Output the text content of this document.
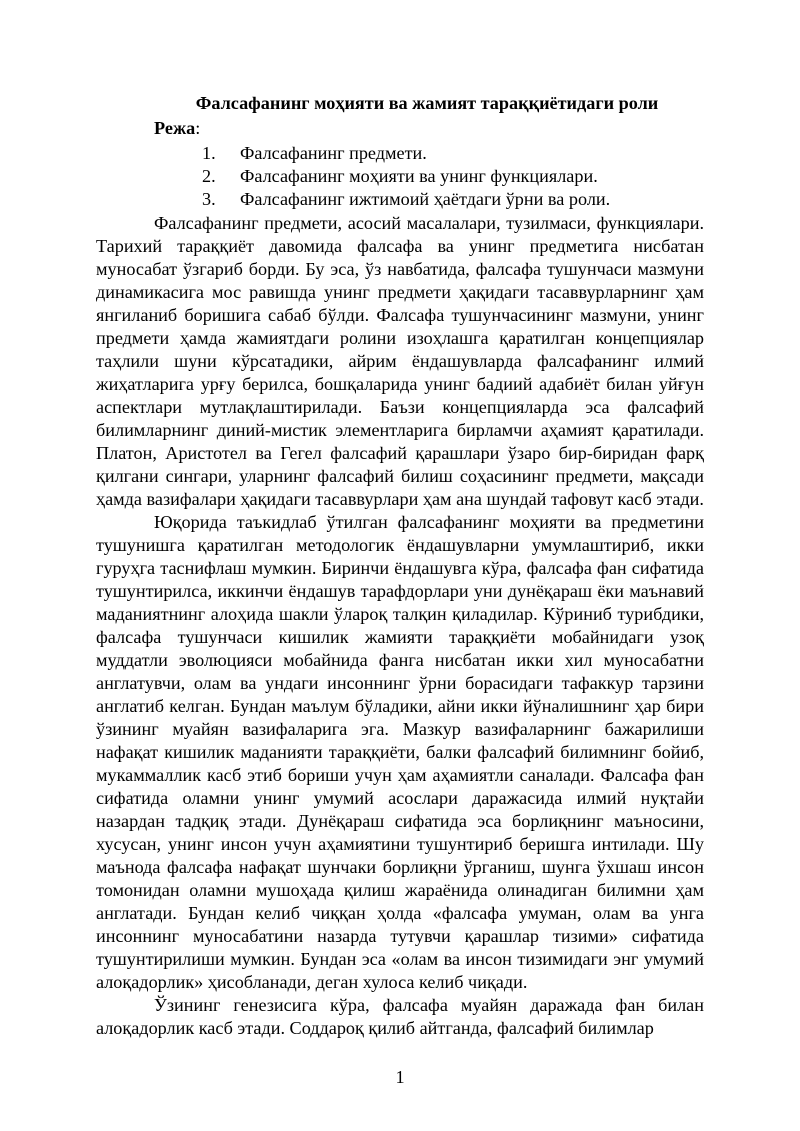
Фалсафанинг моҳияти ва жамият тараққиётидаги роли
Режа:
1. Фалсафанинг предмети.
2. Фалсафанинг моҳияти ва унинг функциялари.
3. Фалсафанинг ижтимоий ҳаётдаги ўрни ва роли.

Фалсафанинг предмети, асосий масалалари, тузилмаси, функциялари. Тарихий тараққиёт давомида фалсафа ва унинг предметига нисбатан муносабат ўзгариб борди. Бу эса, ўз навбатида, фалсафа тушунчаси мазмуни динамикасига мос равишда унинг предмети ҳақидаги тасаввурларнинг ҳам янгиланиб боришига сабаб бўлди. Фалсафа тушунчасининг мазмуни, унинг предмети ҳамда жамиятдаги ролини изоҳлашга қаратилган концепциялар таҳлили шуни кўрсатадики, айрим ёндашувларда фалсафанинг илмий жиҳатларига урғу берилса, бошқаларида унинг бадиий адабиёт билан уйғун аспектлари мутлақлаштирилади. Баъзи концепцияларда эса фалсафий билимларнинг диний-мистик элементларига бирламчи аҳамият қаратилади. Платон, Аристотел ва Гегел фалсафий қарашлари ўзаро бир-биридан фарқ қилгани сингари, уларнинг фалсафий билиш соҳасининг предмети, мақсади ҳамда вазифалари ҳақидаги тасаввурлари ҳам ана шундай тафовут касб этади.

Юқорида таъкидлаб ўтилган фалсафанинг моҳияти ва предметини тушунишга қаратилган методологик ёндашувларни умумлаштириб, икки гуруҳга таснифлаш мумкин. Биринчи ёндашувга кўра, фалсафа фан сифатида тушунтирилса, иккинчи ёндашув тарафдорлари уни дунёқараш ёки маънавий маданиятнинг алоҳида шакли ўлароқ талқин қиладилар. Кўриниб турибдики, фалсафа тушунчаси кишилик жамияти тараққиёти мобайнидаги узоқ муддатли эволюцияси мобайнида фанга нисбатан икки хил муносабатни англатувчи, олам ва ундаги инсоннинг ўрни борасидаги тафаккур тарзини англатиб келган. Бундан маълум бўладики, айни икки йўналишнинг ҳар бири ўзининг муайян вазифаларига эга. Мазкур вазифаларнинг бажарилиши нафақат кишилик маданияти тараққиёти, балки фалсафий билимнинг бойиб, мукаммаллик касб этиб бориши учун ҳам аҳамиятли саналади. Фалсафа фан сифатида оламни унинг умумий асослари даражасида илмий нуқтайи назардан тадқиқ этади. Дунёқараш сифатида эса борлиқнинг маъносини, хусусан, унинг инсон учун аҳамиятини тушунтириб беришга интилади. Шу маънода фалсафа нафақат шунчаки борлиқни ўрганиш, шунга ўхшаш инсон томонидан оламни мушоҳада қилиш жараёнида олинадиган билимни ҳам англатади. Бундан келиб чиққан ҳолда «фалсафа умуман, олам ва унга инсоннинг муносабатини назарда тутувчи қарашлар тизими» сифатида тушунтирилиши мумкин. Бундан эса «олам ва инсон тизимидаги энг умумий алоқадорлик» ҳисобланади, деган хулоса келиб чиқади.

Ўзининг генезисига кўра, фалсафа муайян даражада фан билан алоқадорлик касб этади. Соддароқ қилиб айтганда, фалсафий билимлар

1
